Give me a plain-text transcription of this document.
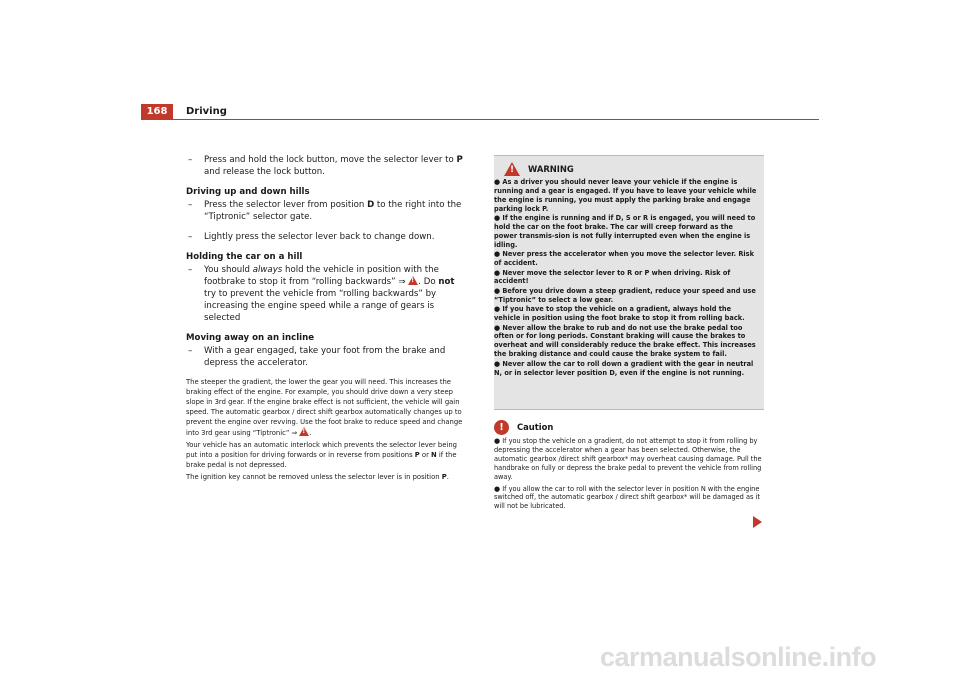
168	Driving
– Press and hold the lock button, move the selector lever to P and release the lock button.
Driving up and down hills
– Press the selector lever from position D to the right into the “Tiptronic” selector gate.
– Lightly press the selector lever back to change down.
Holding the car on a hill
– You should always hold the vehicle in position with the footbrake to stop it from “rolling backwards” ⇒ ! . Do not try to prevent the vehicle from “rolling backwards” by increasing the engine speed while a range of gears is selected
Moving away on an incline
– With a gear engaged, take your foot from the brake and depress the accelerator.

The steeper the gradient, the lower the gear you will need. This increases the braking effect of the engine. For example, you should drive down a very steep slope in 3rd gear. If the engine brake effect is not sufficient, the vehicle will gain speed. The automatic gearbox / direct shift gearbox automatically changes up to prevent the engine over revving. Use the foot brake to reduce speed and change into 3rd gear using “Tiptronic” ⇒ ! .

Your vehicle has an automatic interlock which prevents the selector lever being put into a position for driving forwards or in reverse from positions P or N if the brake pedal is not depressed.

The ignition key cannot be removed unless the selector lever is in position P.

!
WARNING
● As a driver you should never leave your vehicle if the engine is running and a gear is engaged. If you have to leave your vehicle while the engine is running, you must apply the parking brake and engage parking lock P.
● If the engine is running and if D, S or R is engaged, you will need to hold the car on the foot brake. The car will creep forward as the power transmis-sion is not fully interrupted even when the engine is idling.
● Never press the accelerator when you move the selector lever. Risk of accident.
● Never move the selector lever to R or P when driving. Risk of accident!
● Before you drive down a steep gradient, reduce your speed and use “Tiptronic” to select a low gear.
● If you have to stop the vehicle on a gradient, always hold the vehicle in position using the foot brake to stop it from rolling back.
● Never allow the brake to rub and do not use the brake pedal too often or for long periods. Constant braking will cause the brakes to overheat and will considerably reduce the brake effect. This increases the braking distance and could cause the brake system to fail.
● Never allow the car to roll down a gradient with the gear in neutral N, or in selector lever position D, even if the engine is not running.
!	Caution
● If you stop the vehicle on a gradient, do not attempt to stop it from rolling by depressing the accelerator when a gear has been selected. Otherwise, the automatic gearbox /direct shift gearbox* may overheat causing damage. Pull the handbrake on fully or depress the brake pedal to prevent the vehicle from rolling away.
● If you allow the car to roll with the selector lever in position N with the engine switched off, the automatic gearbox / direct shift gearbox* will be damaged as it will not be lubricated.
carmanualsonline.info
